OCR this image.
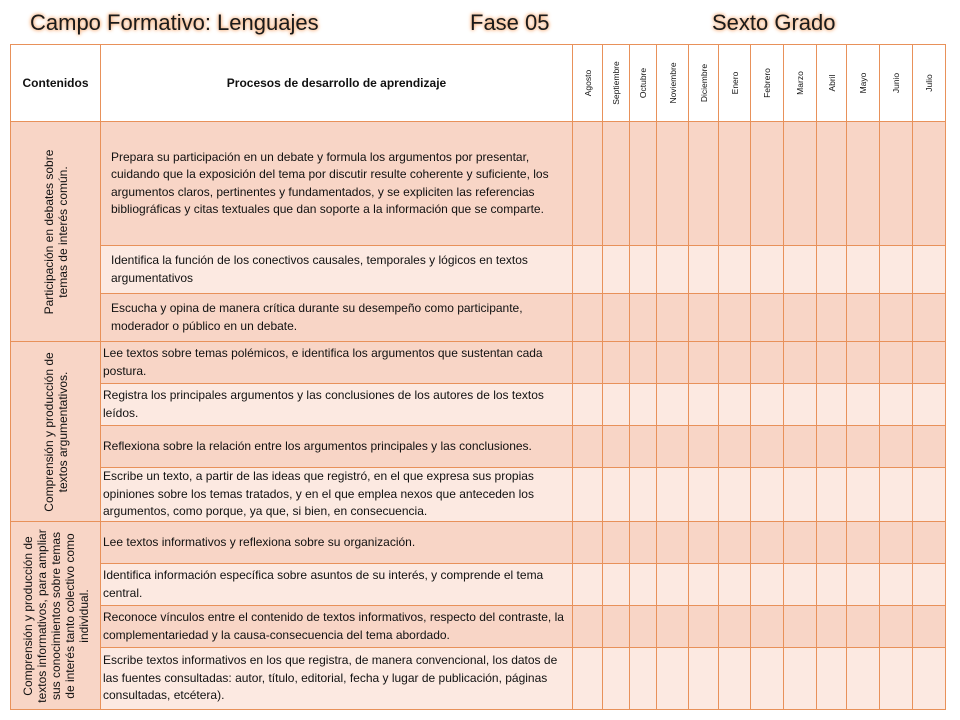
Campo Formativo: Lenguajes	Fase 05	Sexto Grado
Contenidos	Procesos de desarrollo de aprendizaje	Agosto	Septiembre	Octubre	Noviembre	Diciembre	Enero	Febrero	Marzo	Abril	Mayo	Junio	Julio

Participación en debates sobre temas de interés común.	Prepara su participación en un debate y formula los argumentos por presentar, cuidando que la exposición del tema por discutir resulte coherente y suficiente, los argumentos claros, pertinentes y fundamentados, y se expliciten las referencias bibliográficas y citas textuales que dan soporte a la información que se comparte.												
	Identifica la función de los conectivos causales, temporales y lógicos en textos argumentativos												
	Escucha y opina de manera crítica durante su desempeño como participante, moderador o público en un debate.												

Comprensión y producción de textos argumentativos.	Lee textos sobre temas polémicos, e identifica los argumentos que sustentan cada postura.												
	Registra los principales argumentos y las conclusiones de los autores de los textos leídos.												
	Reflexiona sobre la relación entre los argumentos principales y las conclusiones.												
	Escribe un texto, a partir de las ideas que registró, en el que expresa sus propias opiniones sobre los temas tratados, y en el que emplea nexos que anteceden los argumentos, como porque, ya que, si bien, en consecuencia.												

Comprensión y producción de textos informativos, para ampliar sus conocimientos sobre temas de interés tanto colectivo como individual.	Lee textos informativos y reflexiona sobre su organización.												
	Identifica información específica sobre asuntos de su interés, y comprende el tema central.												
	Reconoce vínculos entre el contenido de textos informativos, respecto del contraste, la complementariedad y la causa-consecuencia del tema abordado.												
	Escribe textos informativos en los que registra, de manera convencional, los datos de las fuentes consultadas: autor, título, editorial, fecha y lugar de publicación, páginas consultadas, etcétera).												
